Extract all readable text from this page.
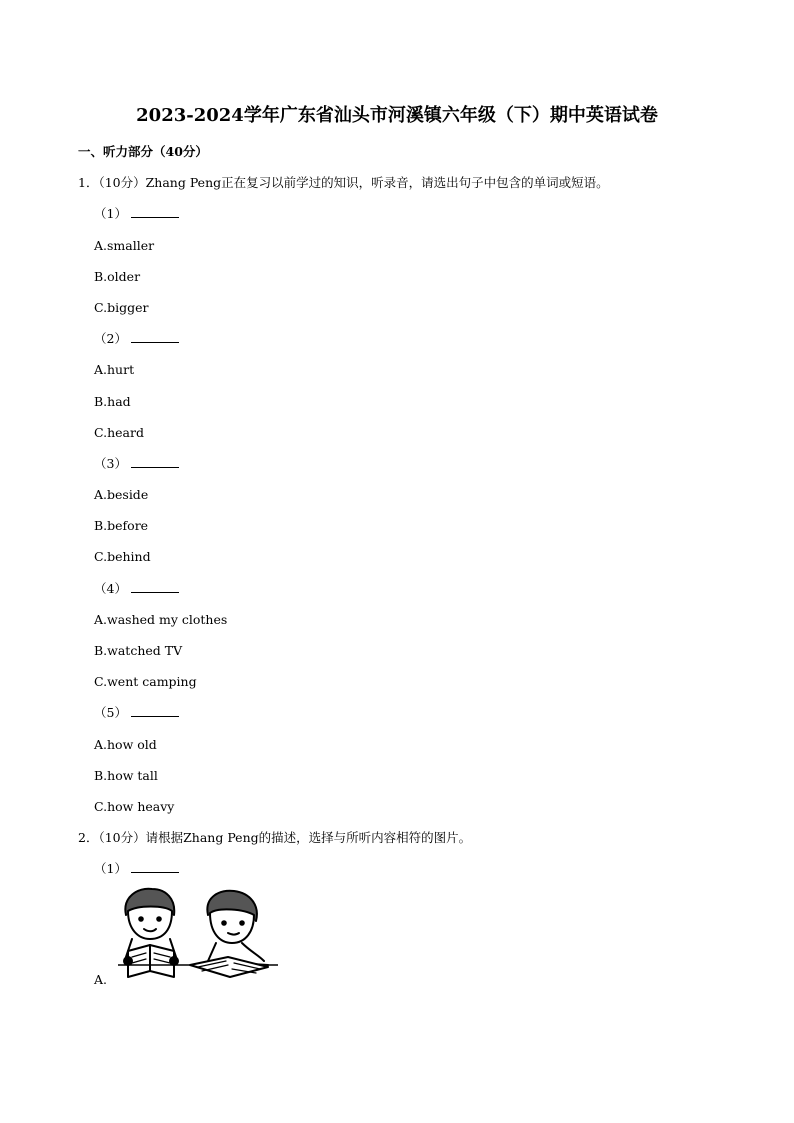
2023-2024学年广东省汕头市河溪镇六年级（下）期中英语试卷
一、听力部分（40分）
1．（10分）Zhang Peng正在复习以前学过的知识，听录音，请选出句子中包含的单词或短语。
（1）
A.smaller
B.older
C.bigger
（2）
A.hurt
B.had
C.heard
（3）
A.beside
B.before
C.behind
（4）
A.washed my clothes
B.watched TV
C.went camping
（5）
A.how old
B.how tall
C.how heavy
2．（10分）请根据Zhang Peng的描述，选择与所听内容相符的图片。
（1）
A.
